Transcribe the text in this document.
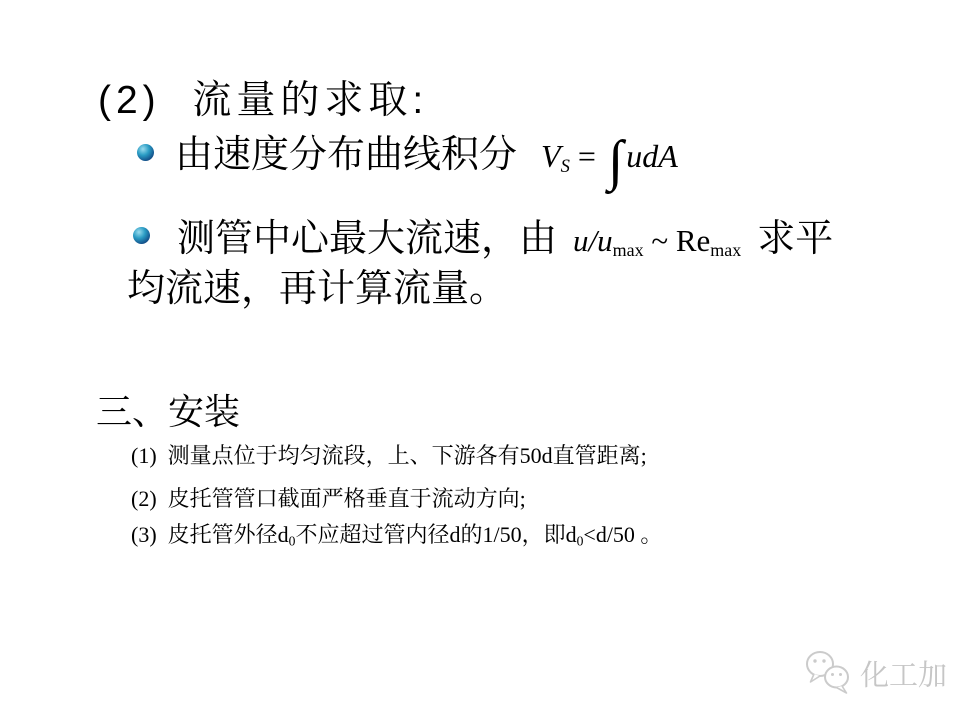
(2)  流量的求取:
由速度分布曲线积分 VS = ∫udA
测管中心最大流速，由 u/umax ~ Remax 求平
均流速，再计算流量。
三、安装
(1)  测量点位于均匀流段，上、下游各有50d直管距离;
(2)  皮托管管口截面严格垂直于流动方向;
(3)  皮托管外径d0不应超过管内径d的1/50，即d0<d/50 。
化工加
